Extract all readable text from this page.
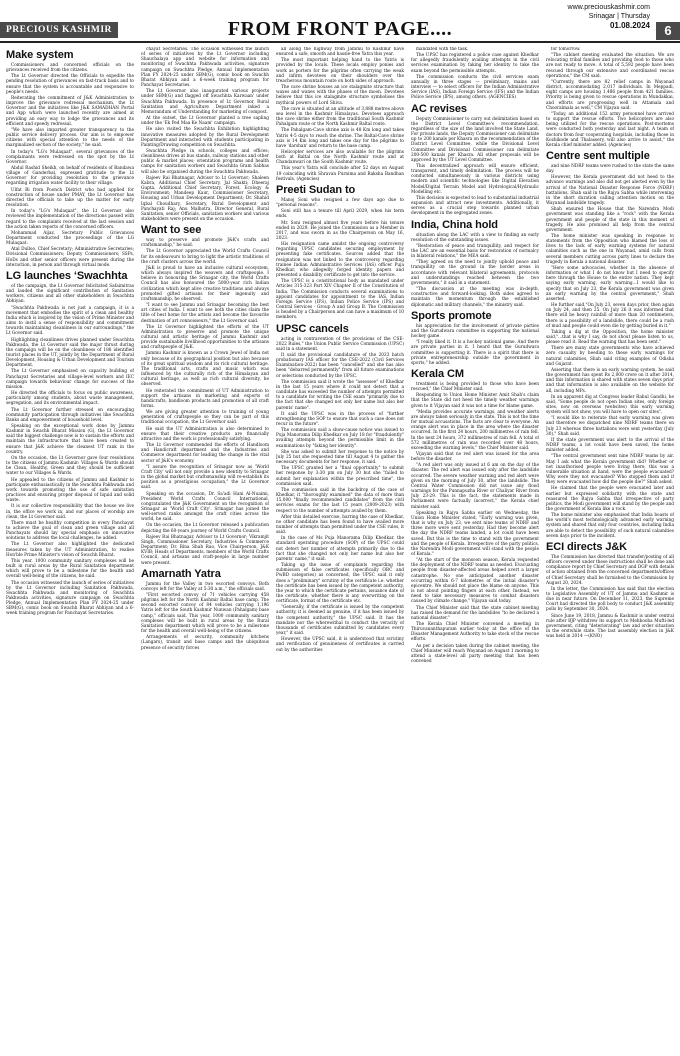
PRECIOUS KASHMIR	FROM FRONT PAGE....
www.preciouskashmir.com
Srinagar | Thursday
01.08.2024	6
Make system

Commissioners and concerned officials on the grievances received from the citizens.

The Lt Governor directed the Officials to expedite the pending resolution of grievances on fast-track basis and to ensure that the system is accountable and responsive to people's needs.

Reiterating the commitment of J&K Administration to improve the grievance redressal mechanism, the Lt Governor and the initiatives like J&K SAMADHAN Portal and App which were launched recently are aimed at providing an easy way to lodge the grievances and its efficient and speedy redressal.

"We have also imparted greater transparency to the public service delivery process. Our aim is to empower citizens with special attention to the needs of the marginalized section of the society," he said.

In today's "LG's Mulaqaat", several grievances of the complainants were redressed on the spot by the Lt Governor.

Abdul Rashid Sheikh, on behalf of residents of Bandawa village of Ganderbal, expressed gratitude to the Lt Governor for providing resolution to the grievance regarding irrigation water facility to their village.

Ulfat Bi from Poonch District who had applied for construction of house under PMAY, the Lt Governor has directed the officials to take up the matter for early resolution.

In today's "LG's Mulaqaat", the Lt Governor also reviewed the implementation of the directions passed with regard to the complaints received at the last session and the action taken reports of the concerned officers.

Mohammad Aijaz, Secretary Public Grievances Department conducted the proceedings of the LG Mulaqaat.

Atal Dulloo, Chief Secretary; Administrative Secretaries; Divisional Commissioners; Deputy Commissioners; SSPs, HoDs and other senior officers were present during the interaction, in person and through virtual mode.

LG launches ‘Swachhta

of the campaign, the Lt Governor felicitated Safaimitras and lauded the significant contribution of Sanitation workers, citizens and all other stakeholders in Swachhta Abhiyan.

"Swachhta Pakhwada is not just a campaign, it is a movement that embodies the spirit of a clean and healthy India which is inspired by the vision of Prime Minister and aims to instil a sense of responsibility and commitment towards maintaining cleanliness in our surroundings," the Lt Governor said.

Highlighting cleanliness drives planned under Swachhta Pakhwada, the Lt Governor said the major thrust during the campaign will be on the cleanliness of 188 identified tourist places in the UT, jointly by the Department of Rural Development, Housing & Urban Development and Tourism Department.

The Lt Governor emphasized on capacity building of Panchayat Secretaries and village-level workers and IEC campaign towards behaviour change for success of the mission.

He directed the officials to focus on public awareness, particularly among students, about waste management, segregation, and its environmental impact.

The Lt Governor further stressed on encouraging community participation through initiatives like Swachhta Banks and empowerment of household level.

Speaking on the exceptional work done by Jammu Kashmir in Swachh Bharat Mission (G), the Lt Governor said the biggest challenge now is to sustain the efforts and maintain the infrastructure that have been created to ensure that J&K achieve the cleanest UT rank in the country.

On the occasion, the Lt Governor gave four resolutions to the citizens of Jammu Kashmir: Villages & Wards should be Clean, Healthy, Green and they should be sufficient water to our Villages & Wards.

He appealed to the citizens of Jammu and Kashmir to participate enthusiastically in the Swachhta Pakhwada and work towards promoting the use of safe sanitation practices and ensuring proper disposal of liquid and solid waste.

It is our collective responsibility that the house we live in, the office we work in, and our places of worship are clean, the Lt Governor said.

There must be healthy competition in every Panchayat to achieve the goal of clean and green village and all Panchayats should lay special emphasis on innovative solutions to address the local challenges, he added.

The Lt Governor also highlighted the dedicated measures taken by the UT Administration, to realise Hon'ble Prime Minister's vision of Swachh Bharat.

This year, 1000 community sanitary complexes will be built in rural areas by the Rural Sanitation department which will prove to be a milestone for the health and overall well-being of the citizens, he said.

The occasion witnessed the launch of series of initiatives by the Lt Governor including Sanitation Pakhwada, Swachhta Pakhwada and monitoring of Swachhta Pakhwada activities, signature campaign on Swachhta Pledge, Annual Implementation Plan FY 2024-25 under SBM(G), comic book on Swachh Bharat Abhiyan and a 6-week training program for Panchayat Secretaries.

chayat Secretaries. The occasion witnessed the launch of series of initiatives by the Lt Governor including Shauchalaya app and website for information and monitoring of Swachhta Pakhwada activities, signature campaign on Swachhta Pledge, Annual Implementation Plan FY 2024-25 under SBM(G), comic book on Swachh Bharat Abhiyan and a 6-week training program for Panchayat Secretaries.

The Lt Governor also inaugurated various projects under SBM(G) and flagged off Swachhta Karwaan' under Swachhta Pakhwada. In presence of Lt Governor, Rural Sanitation and Agriculture Department inked a Memorandum of Understanding for marketing of compost.

At the outset, the Lt Governor planted a tree sapling under the 'Ek Ped Maa Ke Naam' campaign.

He also visited the Swachhta Exhibition highlighting innovative measures adopted by the Rural Development Department and interacted with students participating in Painting/Drawing competition on Swachhta.

Swachhta Pledge in schools, colleges and offices; cleanliness drives at bus stands, railway stations and other public & market places; orientation programs and health camps for sanitation workers and Swachhta Gram Sabhas will also be organised during the Swachhta Pakhwada.

Rajeev Rai Bhatnagar, Advisor to Lt Governor; Shaleen Kabra, Additional Chief Secretary, Jal Shakti; Dheeraj Gupta, Additional Chief Secretary, Forest, Ecology & Environment; Mandeep Kaur, Commissioner Secretary, Housing and Urban Development Department; Dr. Shahid Iqbal Choudhary, Secretary, Rural Development and Panchayati Raj; Anu Malhotra, Director General, Rural Sanitation, senior Officials, sanitation workers and various stakeholders were present on the occasion.

Want to see

way to preserve and promote J&K's crafts and craftsmanship," he said.

The Lt Governor appreciated the World Crafts Council for its endeavours to bring to light the artistic traditions of the craft clusters across the world.

J&K is proud to have an inclusive cultural ecosystem, which always inspired the weavers and craftspeople. I believe in honouring the Srinagar city, the World Crafts Council has also honoured the 5000-year rich Indian civilization which kept alive creative traditions and always promoted gifted artisans for their ingenuity and craftsmanship, he observed.

"I want to see Jammu and Srinagar becoming the best art cities of India. I want to see both the cities claim the title of best home for the artists and become the favourite destination of art connoisseurs," the Lt Governor said.

The Lt Governor highlighted the efforts of the UT Administration to preserve and promote the unique cultural and artistic heritage of Jammu Kashmir and provide sustainable livelihood opportunities to the artisans and craftspeople of J&K.

Jammu Kashmir is known as a Crown Jewel of India not only because of its geographical position but also because of its great spiritual wisdom and its rich cultural heritage. The traditional arts, crafts and music which was influenced by the culturally rich of the Himalayan and cultural heritage, as well as rich cultural diversity, he observed.

He reiterated the commitment of UT Administration to support the artisans in marketing and exports of handicrafts, handloom products and promotion of all craft forms.

We are giving greater attention to training of young generation of craftspeople so they can be part of this traditional occupation, the Lt Governor said.

He said the UT Administration is also determined to ensure that their creative products are financially attractive and the work is professionally satisfying.

The Lt Governor commended the efforts of Handloom and Handicraft department and the Industries and Commerce department for leading the change in the vital sector of J&K's economy.

"I assure the recognition of Srinagar now as 'World Craft City' will not only provide a new identity to Srinagar in the global market but craftsmanship will re-establish its position as a prestigious occupation," the Lt Governor said.

Speaking on the occasion, Dr. Sa'adi Hani Al-Nuaimi, President World Crafts Council International, congratulated the J&K Government on the recognition of Srinagar as 'World Craft City'. Srinagar has joined the well-served ranks amongst the craft cities across the world, he said.

On the occasion, the Lt Governor released a publication depicting the 60-years journey of World Crafts Council.

Rajeev Rai Bhatnagar, Advisor to Lt Governor; Vikramjit Singh, Commissioner Secretary, Industries & Commerce Department; Dr. Bina Shah Rao, Vice Chairperson, J&K KVIB; Heads of Departments, members of the World Crafts Council, and artisans and craft-people in large number were present.

Amarnath Yatra

Jammu for the Valley in two escorted convoys. Both convoys left for the Valley at 5:30 a.m.," the officials said.

"First escorted convoy of 71 vehicles carrying 458 pilgrims left for the North Kashmir Baltal base camp. The second escorted convoy of 84 vehicles carrying 1,196 Yatris left for the South Kashmir Nunwan (Pahalgam) base camp," officials said. This year, 1000 community sanitary complexes will be built in rural areas by the Rural Sanitation department which will prove to be a milestone for the health and overall well-being of the citizens.

Arrangements of security, community kitchens (Langars), transit and base camps and the ubiquitous presence of security forces

all along the highway from Jammu to Kashmir have ensured a safe, smooth and hassle-free Yatra this year.

The most important helping hand to the Yatris is provided by the locals. These locals employ ponies and work as porters for the pilgrims often carrying the weak and infirm devotees on their shoulders over the treacherous mountain route on both sides of approach.

The cave shrine houses an ice stalagmite structure that waxes and wanes with the phases of the moon. Devotees believe that this ice stalagmite structure symbolises the mythical powers of Lord Shiva.

The cave is situated at an altitude of 3,888 metres above sea level in the Kashmir Himalayas. Devotees approach the cave shrine either from the traditional South Kashmir Pahalgam route or the North Kashmir Baltal route.

The Pahalgam-Cave shrine axis is 48 Km long and takes Yatris 4-5 days to reach the shrine. The Baltal-Cave shrine axis is 14 Km long and takes one day for the pilgrims to have 'darshan' and return to the base camp.

Helicopter services are also available for the pilgrims both at Baltal on the North Kashmir route and at Chandanwari on the South Kashmir route.

This year's Yatra will conclude after 52 days on August 19 coinciding with Shravan Purnima and Raksha Bandhan festivals. (Agencies)

Preeti Sudan to

Manoj Soni who resigned a few days ago due to "personal reasons".

Soni still has a tenure till April 2029, when his term ends.

Mr. Soni resigned almost five years before his tenure ended in 2029. He joined the Commission as a Member in 2017, and was sworn in as the Chairperson on May 16, 2023.

His resignation came amidst the ongoing controversy regarding UPSC candidates securing employment by presenting fake certificates. Sources added that the resignation was not linked to the controversy regarding trainee Indian Administrative Services (IAS) officer Puja Khedkar, who allegedly forged identity papers and presented a disability certificate to get into the service.

The UPSC is a constitutional body as mandated under Articles 315-323 Part XIV Chapter II of the Constitution of India. The Commission conducts several examinations to appoint candidates for appointment to the IAS, Indian Foreign Service (IFS), Indian Police Service (IPS) and Central Services - Group A and Group B. The Commission is headed by a Chairperson and can have a maximum of 10 members.

UPSC cancels

acting in contravention of the provisions of the CSE-2022 Rules," the Union Public Service Commission (UPSC) said in a statement.

It said the provisional candidature of the 2023 batch probationary IAS officer for the CSE-2022 (Civil Services Examination-2022) has been "cancelled" and she has also been "debarred permanently" from all future examinations or selections conducted by the UPSC.

The commission said it wrote the "assessee" of Khedkar in the last 15 years where it could not detect that a candidate has exceeded the number of attempts permitted to a candidate for writing the CSE exam "primarily due to the fact that she changed not only her name but also her parents' name".

It said the UPSC was in the process of "further strengthening the SOP to ensure that such a case does not recur in the future".

The commission said a show-cause notice was issued to Puja Manorama Dilip Khedkar on July 18 for "fraudulently" availing attempts beyond the permissible limit in the examinations by "faking her identity".

She was asked to submit her response to the notice by July 25 but she requested time till August 4 to gather the necessary documents for her response, it said.

The UPSC granted her a "final opportunity" to submit her response by 3:30 pm on July 30 but she "failed to submit her explanation within the prescribed time", the commission said.

The commission said in the backdrop of the case of Khedkar, it "thoroughly examined" the data of more than 15,000 "finally recommended candidates" from the civil services exams for the last 15 years (2009-2023) with respect to the number of attempts availed by them.

After this detailed exercise, barring the case of Khedkar, no other candidate has been found to have availed more number of attempts than permitted under the CSE rules, it said.

In the case of Ms Puja Manorama Dilip Khedkar, the standard operating procedure (SOP) of the UPSC could not detect her number of attempts primarily due to the fact that she changed not only her name but also her parents' name," it said.

Taking up the issue of complaints regarding the submission of false certificates (specifically OBC and PwBD categories) as concerned, the UPSC said it only does a "preliminary" scrutiny of the certificate i.e. whether the certificate has been issued by the competent authority, the year to which the certificate pertains, issuance date of the certificate, whether there is any overwriting on the certificate, format of the certificate etc.

"Generally, if the certificate is issued by the competent authority, it is deemed as genuine, if it has been issued by the competent authority," the UPSC said. It has the mandate nor the wherewithal to conduct the veracity of thousands of certificates submitted by candidates every year," it said.

However, the UPSC said, it is understood that scrutiny and verification of genuineness of certificates is carried out by the authorities

mandated with the task.

The UPSC has registered a police case against Khedkar for allegedly fraudulently availing attempts in the civil services examination by faking her identity to take the exam beyond the permissible attempts.

The commission conducts the civil services exam annually in three stages — preliminary, mains and interview — to select officers for the Indian Administrative Service (IAS), Indian Foreign Service (IFS) and the Indian Police Service (IPS), among others. (AGENCIES)

AC revises

Deputy Commissioner to carry out delimitation based on the District Level Committee's recommendation, regardless of the size of the land involved the State Land. For private lands, the Deputy Commissioner can delimitate up to 200 kanals per Khasra on the recommendation of the District Level Committee, while the Divisional Level Committee and Divisional Commissioner can delimitate 200-500 kanals per Khasra. All other proposals will be approved by the UT Level Committee.

This decentralized approach will ensure efficient, transparent, and timely delimitation. The process will be conducted simultaneously in various districts using modern and scientific technologies like Digital Elevation Model/Digital Terrain Model and Hydrological/Hydraulic Modelling etc.

This decision is expected to lead to substantial industrial expansion and attract new investments. Additionally, it serves as a crucial step towards planned urban development in the segregated zones.

India, China hold

situation along the LAC with a view to finding an early resolution of the outstanding issues.

"Restoration of peace and tranquillity, and respect for the LAC are an essential basis for restoration of normalcy in bilateral relations," the MEA said.

"They agreed on the need to jointly uphold peace and tranquillity on the ground in the border areas in accordance with relevant bilateral agreements, protocols and understandings reached between the two governments," it said in a statement.

"The discussion at the meeting was in-depth, constructive and forward-looking. Both sides agreed to maintain the momentum through the established diplomatic and military channels," the ministry said.

Sports promote

his appreciation for the involvement of private parties and the Gurudwara committee in supporting the national hockey game.

"I really liked it. It is a hockey national game. And there are private parties in it. I heard that the Gurudwara committee is supporting it. There is a spirit that there is private entrepreneurship outside the government in sports," he added.

Kerala CM

treatment is being provided to those who have been rescued," the Chief Minister said.

Responding to Union Home Minister Amit Shah's claim that the State did not heed the timely weather warnings given to it Vijayan said it was not a time for blame game.

"Media provides accurate warnings, and weather alerts are always taken seriously in the state. This is not the time for mutual accusations. The facts are clear to everyone. An orange alert was in place in the area where the disaster occurred. In the first 24 hours, 200 millimetres of rain fell. In the next 24 hours, 372 millimetres of rain fell. A total of 572 millimetres of rain was recorded over 48 hours, exceeding the warning levels," the Chief Minister said.

Vijayan said that no red alert was issued for the area before the disaster.

"A red alert was only issued at 6 am on the day of the disaster. The red alert was issued only after the landslide occurred. The severe weather warning and red alert were given on the morning of July 30, after the landslide. The Central Water Commission did not issue any flood warnings for the Punnapuzha River or Chaliyar River from July 23-29. This is the fact, the statements made in Parliament were factually incorrect," the Kerala chief minister said.

Speaking in Rajya Sabha earlier on Wednesday, the Union Home Minister stated, "Early warning was given, that is why on July 23, we sent nine teams of NDRF and three more were sent yesterday. Had they become alert the day the NDRF teams landed, a lot could have been saved. But this is the time to stand with the government and the people of Kerala. Irrespective of the party politics, the Narendra Modi government will stand with the people of Kerala."

"At the start of the monsoon season, Kerala requested the deployment of the NDRF teams as needed. Evacuating people from disaster-affected areas helped avert a larger catastrophe. No one anticipated another disaster occurring within 6-7 kilometres of the initial disaster's epicentre. We should not place the blame on anyone. This is not about pointing fingers at each other. Instead, we need to take necessary measures to combat disasters caused by climate change," Vijayan said today.

The Chief Minister said that the state cabinet meeting has raised the demand for the landslides "to be declared a national disaster."

The Kerala Chief Minister convened a meeting in Thiruvananthapuram earlier today at the office of the Disaster Management Authority to take stock of the rescue efforts.

As per a decision taken during the cabinet meeting, the Chief Minister will reach Wayanad on August 1 morning to attend a state-level all party meeting that has been convened

for tomorrow.

"The cabinet meeting evaluated the situation. We are relocating tribal families and providing food to those who are not ready to move. A total of 5,592 people have been rescued through our extensive and coordinated rescue operations," the CM said.

"Currently, there are 82 relief camps in Wayanad district, accommodating 2,017 individuals. In Meppadi, eight camps are housing 1,486 people from 421 families. Priority is being given to rescue operations in Mundakkai, and efforts are progressing well in Attamala and Chooralmala as well," CM Vijayan said.

"Today, an additional 152 army personnel have arrived to support the rescue efforts. Two helicopters are also being utilized for the rescue operations. Post-mortems were conducted both yesterday and last night. A team of doctors from four cooperating hospitals, including those in Kozhikode and Thalassery, will also arrive to assist," the Kerala chief minister added. (Agencies)

Centre sent multiple

and nine NDRF teams were rushed to the state the same day.

However, the Kerala government did not heed to the advance warnings and also did not get alerted even by the arrival of the National Disaster Response Force (NDRF) battalions, Shah said in the Rajya Sabha while intervening in the short duration calling attention motion on the Wayanad landslide tragedy.

Shah ensured the House that the Narendra Modi government was standing like a "rock" with the Kerala government and people of the state in this moment of tragedy. He also promised all help from the central government.

The home minister was speaking in response to statements from the Opposition who blamed the loss of lives to the lack of early warning systems for natural calamities such as the one in Wayanad, amid calls from several members cutting across party lines to declare the tragedy in Kerala a national disaster.

"Here some advocacies, whether in the absence of information or what I do not know but I need to specify here through the House to the entire nation. They kept saying early warning, early warning...I would like to specify that on July 23, the Kerala government was given an early warning by the central government," Shah asserted.

He further said,"On July 23, seven days prior, then again on July 24, and then 25. On July 26 it was informed that there will be heavy rainfall of more than 20 centimeters, there is a possibility of a landslide, there could be a rush of mud and people could even die by getting buried in it."

Taking a dig at the Opposition, the home minister said,"...that is why I say, do not shout please listen to us, please read it. Read the warning that has been sent."

There are many state governments who have achieved zero casualty by heeding to these early warnings for natural calamities, Shah said citing examples of Odisha and Gujarat.

Asserting that there is an early warning system, he said the government has spent Rs 2,000 crore on it after 2014, and this information is shared with states seven days prior and that information is also available on the website for all, including MPs.

In an apparent dig at Congress leader Rahul Gandhi, he said, "Some people do not open Indian sites, only foreign sites, now on overseas (websites) this early warning system will not show, you will have to open our sites".

"I would like to reiterate that early warning was given and therefore we dispatched nine NDRF teams there on July 23 whereas three battalions were sent yesterday (July 30)," Shah said.

If the state government was alert to the arrival of the NDRF teams, a lot could have been saved, the home minister added.

"The central government sent nine NDRF teams by air. May I ask what the Kerala government did? Whether or not inauthorised people were living there, this was a vulnerable situation at hand, were the people evacuated? Why were they not evacuated? Who stopped them and if they were evacuated how did the people die?" Shah asked.

He claimed that the people were evacuated later and earlier but expressed solidarity with the state and reassured the Rajya Sabha that irrespective of party politics, the Modi government will stand by the people and the government of Kerala like a rock.

The home minister also emphasised that India boasts of the world's most technologically advanced early warning system and shared that only four countries, including India are able to detect the possibility of such natural calamities seven days prior to the incident.

ECI directs J&K

The Commission has directed that transfer/posting of all officers covered under these instructions shall be done and compliance report by Chief Secretary and DGP with details of action obtained from the concerned departments/offices of Chief Secretary shall be furnished to the Commission by August 20, 2024.

In the letter, the Commission has said that the election to Legislative Assembly of UT of Jammu and Kashmir is due in near future. On December 11, 2023, the Supreme Court had directed the poll body to conduct J&K assembly polls by September 30, 2024.

Since June 19, 2018, Jammu & Kashmir is under central rule after BJP withdrew its support to Mehbooba Mufti-led government, citing "deteriorating" law and order situation in the erstwhile state. The last assembly election in J&K was held in 2014 —(KNO)
